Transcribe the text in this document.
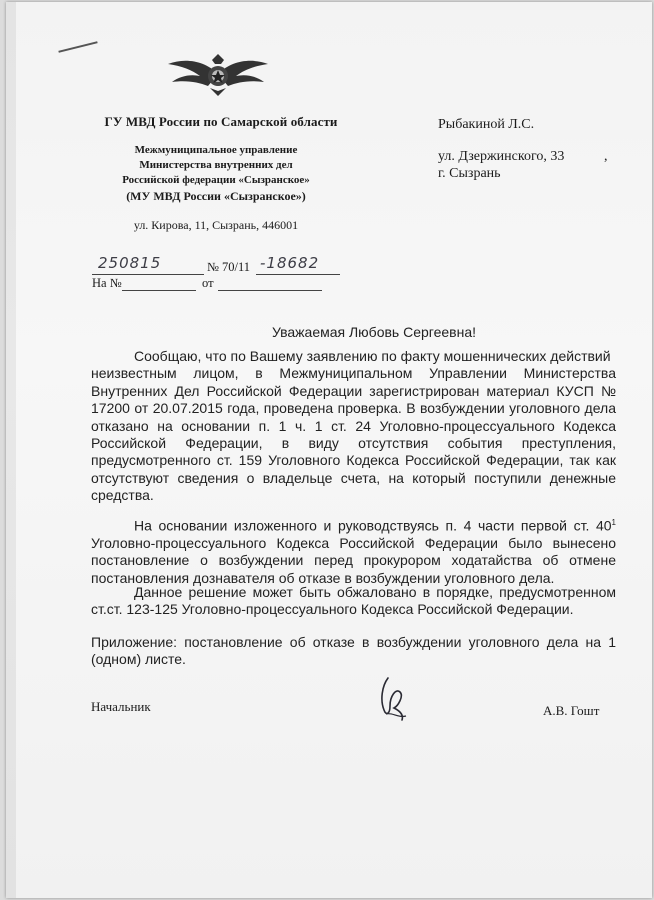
ГУ МВД России по Самарской области
Межмуниципальное управление
Министерства внутренних дел
Российской федерации «Сызранское»
(МУ МВД России «Сызранское»)
ул. Кирова, 11, Сызрань, 446001
Рыбакиной Л.С.
ул. Дзержинского, 33	,
г. Сызрань
250815	№ 70/11 -18682
На №	от
Уважаемая Любовь Сергеевна!
Сообщаю, что по Вашему заявлению по факту мошеннических действий
неизвестным лицом, в Межмуниципальном Управлении Министерства
Внутренних Дел Российской Федерации зарегистрирован материал КУСП №
17200 от 20.07.2015 года, проведена проверка. В возбуждении уголовного дела
отказано на основании п. 1 ч. 1 ст. 24 Уголовно-процессуального Кодекса
Российской Федерации, в виду отсутствия события преступления,
предусмотренного ст. 159 Уголовного Кодекса Российской Федерации, так как
отсутствуют сведения о владельце счета, на который поступили денежные
средства.
На основании изложенного и руководствуясь п. 4 части первой ст. $40^1$
Уголовно-процессуального Кодекса Российской Федерации было вынесено
постановление о возбуждении перед прокурором ходатайства об отмене
постановления дознавателя об отказе в возбуждении уголовного дела.
Данное решение может быть обжаловано в порядке, предусмотренном
ст.ст. 123-125 Уголовно-процессуального Кодекса Российской Федерации.
Приложение: постановление об отказе в возбуждении уголовного дела на 1
(одном) листе.
Начальник	А.В. Гошт
